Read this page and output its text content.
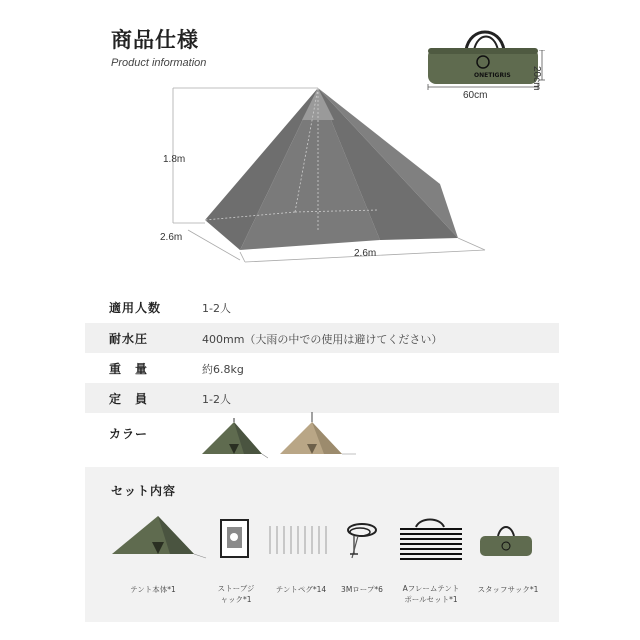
商品仕様
Product information
ONETIGRIS
60cm
20cm
1.8m
2.6m
2.6m
適用人数	1-2人
耐水圧	400mm（大雨の中での使用は避けてください）
重　量	約6.8kg
定　員	1-2人
カラー
セット内容
テント本体*1	ストーブジ
ャック*1
テントペグ*14	3Mロープ*6	Aフレームテント
ポールセット*1
スタッフサック*1
